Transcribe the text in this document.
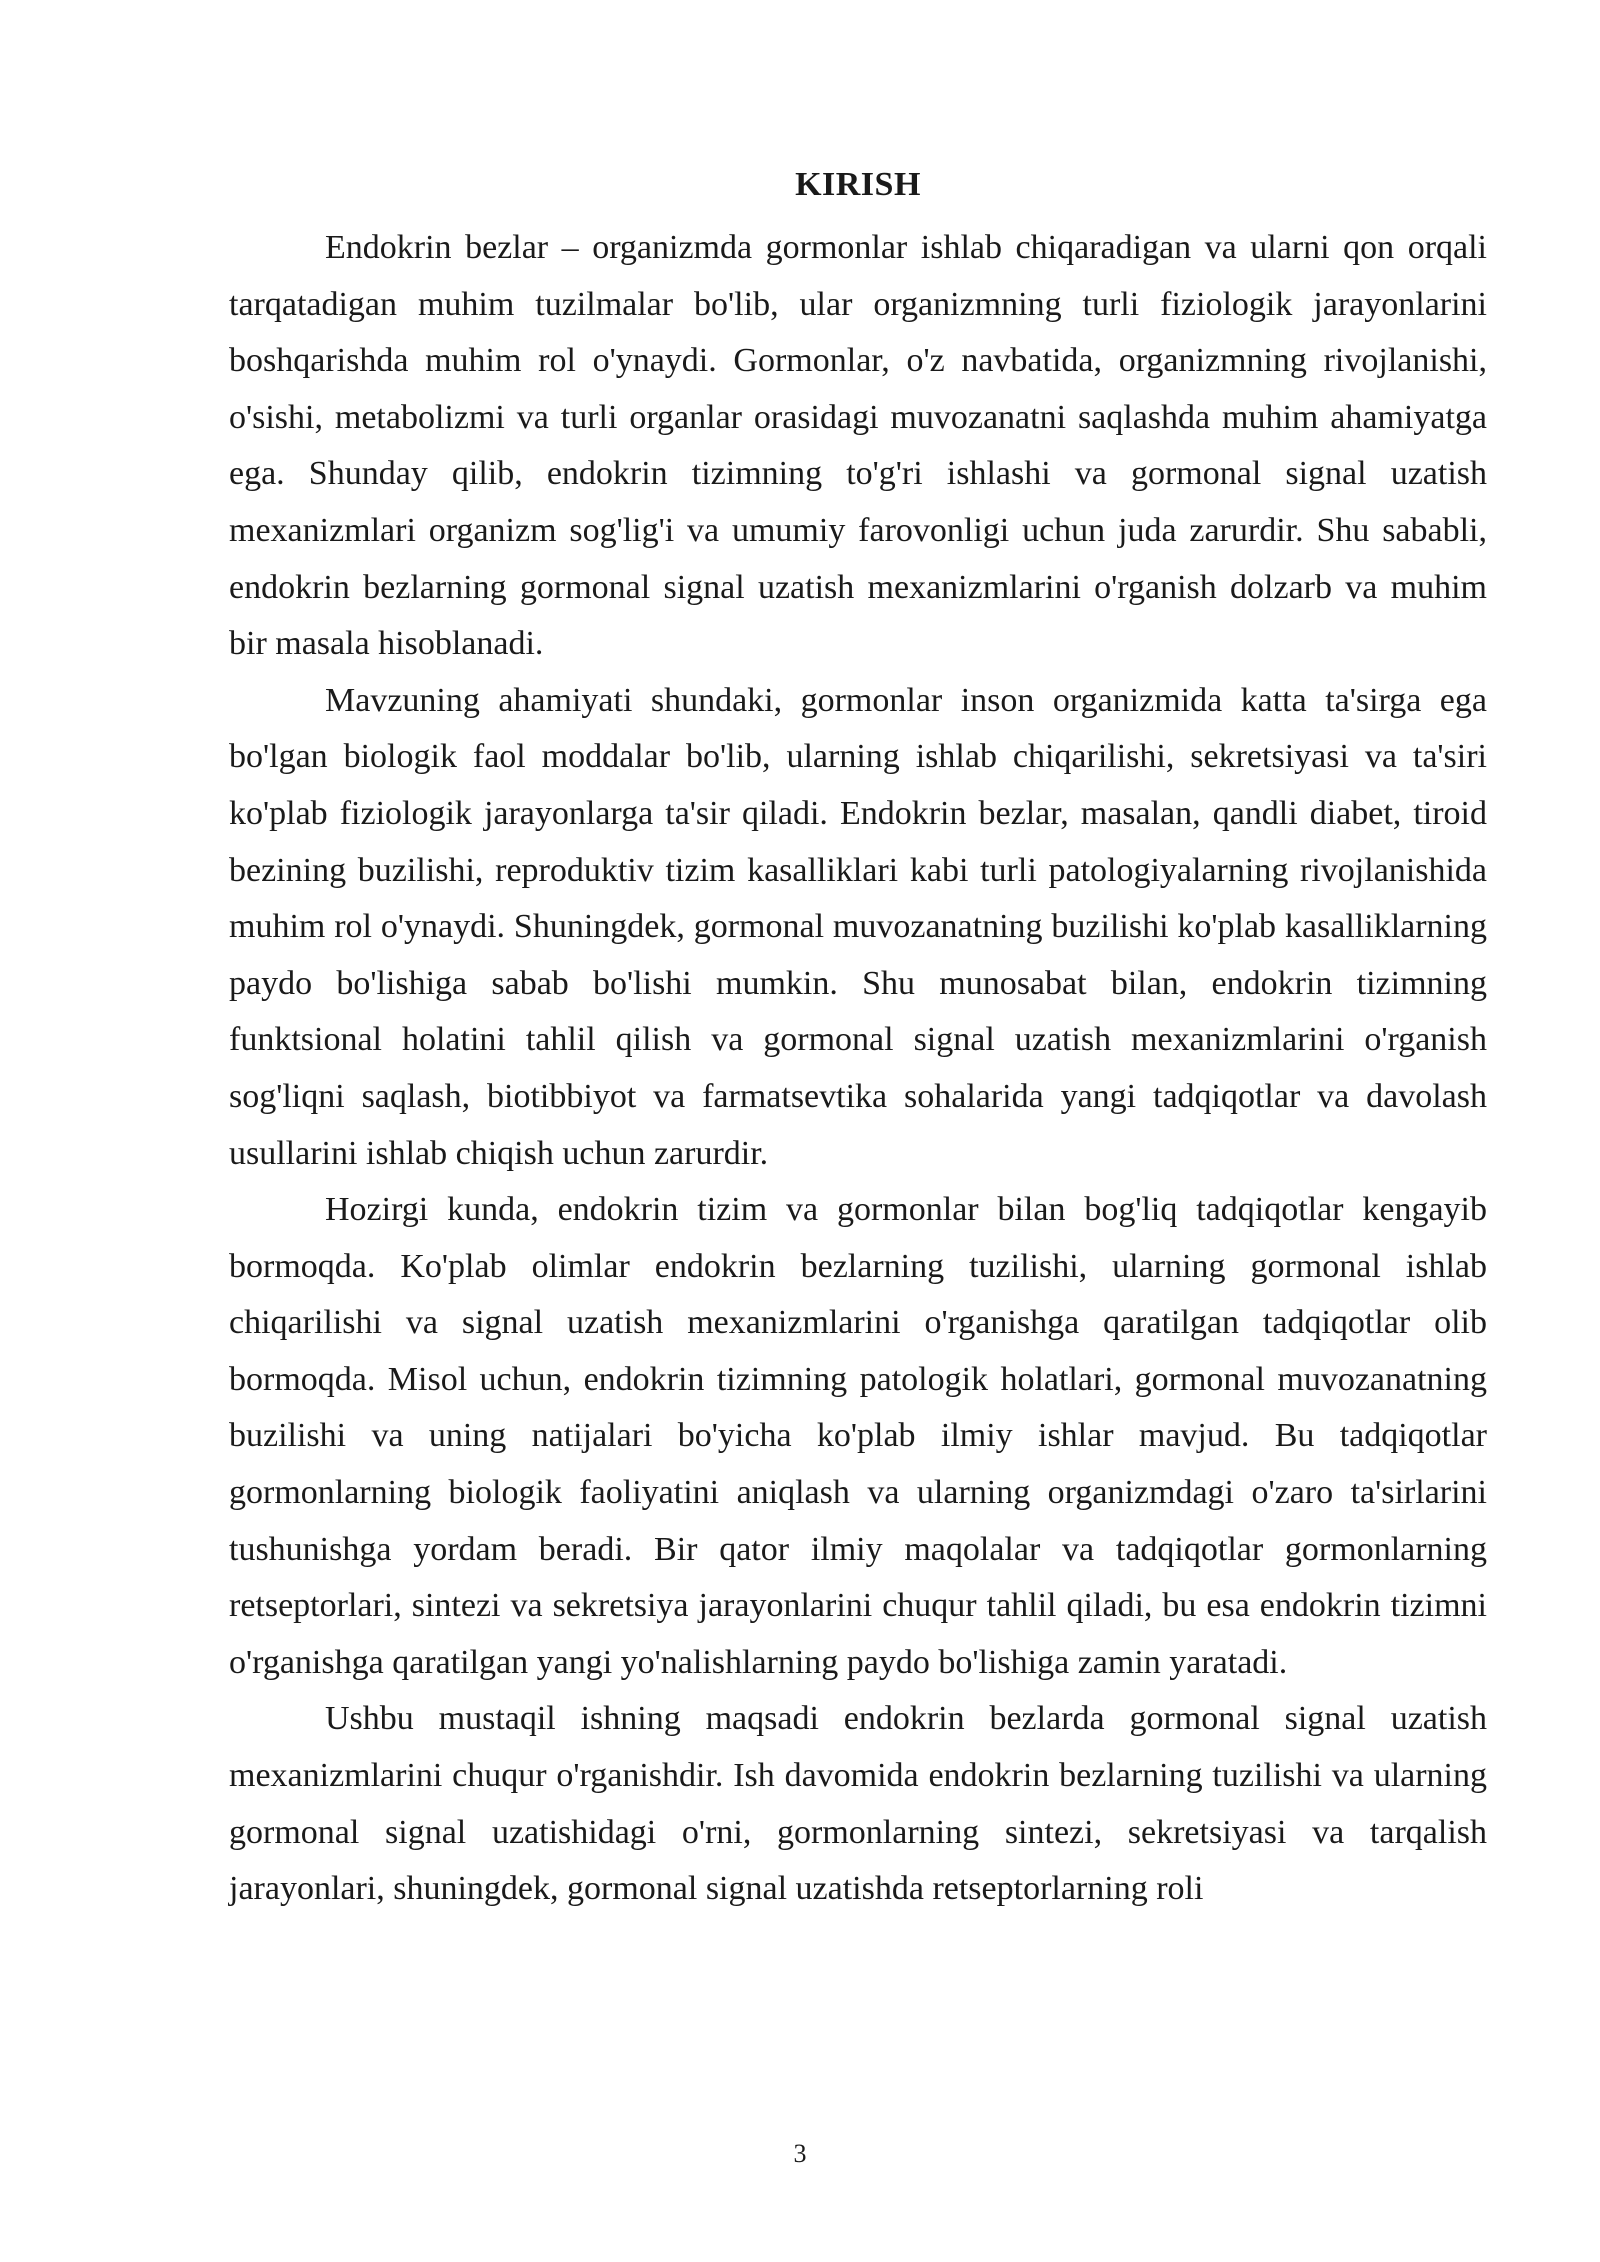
KIRISH

Endokrin bezlar – organizmda gormonlar ishlab chiqaradigan va ularni qon orqali tarqatadigan muhim tuzilmalar bo'lib, ular organizmning turli fiziologik jarayonlarini boshqarishda muhim rol o'ynaydi. Gormonlar, o'z navbatida, organizmning rivojlanishi, o'sishi, metabolizmi va turli organlar orasidagi muvozanatni saqlashda muhim ahamiyatga ega. Shunday qilib, endokrin tizimning to'g'ri ishlashi va gormonal signal uzatish mexanizmlari organizm sog'lig'i va umumiy farovonligi uchun juda zarurdir. Shu sababli, endokrin bezlarning gormonal signal uzatish mexanizmlarini o'rganish dolzarb va muhim bir masala hisoblanadi.

Mavzuning ahamiyati shundaki, gormonlar inson organizmida katta ta'sirga ega bo'lgan biologik faol moddalar bo'lib, ularning ishlab chiqarilishi, sekretsiyasi va ta'siri ko'plab fiziologik jarayonlarga ta'sir qiladi. Endokrin bezlar, masalan, qandli diabet, tiroid bezining buzilishi, reproduktiv tizim kasalliklari kabi turli patologiyalarning rivojlanishida muhim rol o'ynaydi. Shuningdek, gormonal muvozanatning buzilishi ko'plab kasalliklarning paydo bo'lishiga sabab bo'lishi mumkin. Shu munosabat bilan, endokrin tizimning funktsional holatini tahlil qilish va gormonal signal uzatish mexanizmlarini o'rganish sog'liqni saqlash, biotibbiyot va farmatsevtika sohalarida yangi tadqiqotlar va davolash usullarini ishlab chiqish uchun zarurdir.

Hozirgi kunda, endokrin tizim va gormonlar bilan bog'liq tadqiqotlar kengayib bormoqda. Ko'plab olimlar endokrin bezlarning tuzilishi, ularning gormonal ishlab chiqarilishi va signal uzatish mexanizmlarini o'rganishga qaratilgan tadqiqotlar olib bormoqda. Misol uchun, endokrin tizimning patologik holatlari, gormonal muvozanatning buzilishi va uning natijalari bo'yicha ko'plab ilmiy ishlar mavjud. Bu tadqiqotlar gormonlarning biologik faoliyatini aniqlash va ularning organizmdagi o'zaro ta'sirlarini tushunishga yordam beradi. Bir qator ilmiy maqolalar va tadqiqotlar gormonlarning retseptorlari, sintezi va sekretsiya jarayonlarini chuqur tahlil qiladi, bu esa endokrin tizimni o'rganishga qaratilgan yangi yo'nalishlarning paydo bo'lishiga zamin yaratadi.

Ushbu mustaqil ishning maqsadi endokrin bezlarda gormonal signal uzatish mexanizmlarini chuqur o'rganishdir. Ish davomida endokrin bezlarning tuzilishi va ularning gormonal signal uzatishidagi o'rni, gormonlarning sintezi, sekretsiyasi va tarqalish jarayonlari, shuningdek, gormonal signal uzatishda retseptorlarning roli

3
